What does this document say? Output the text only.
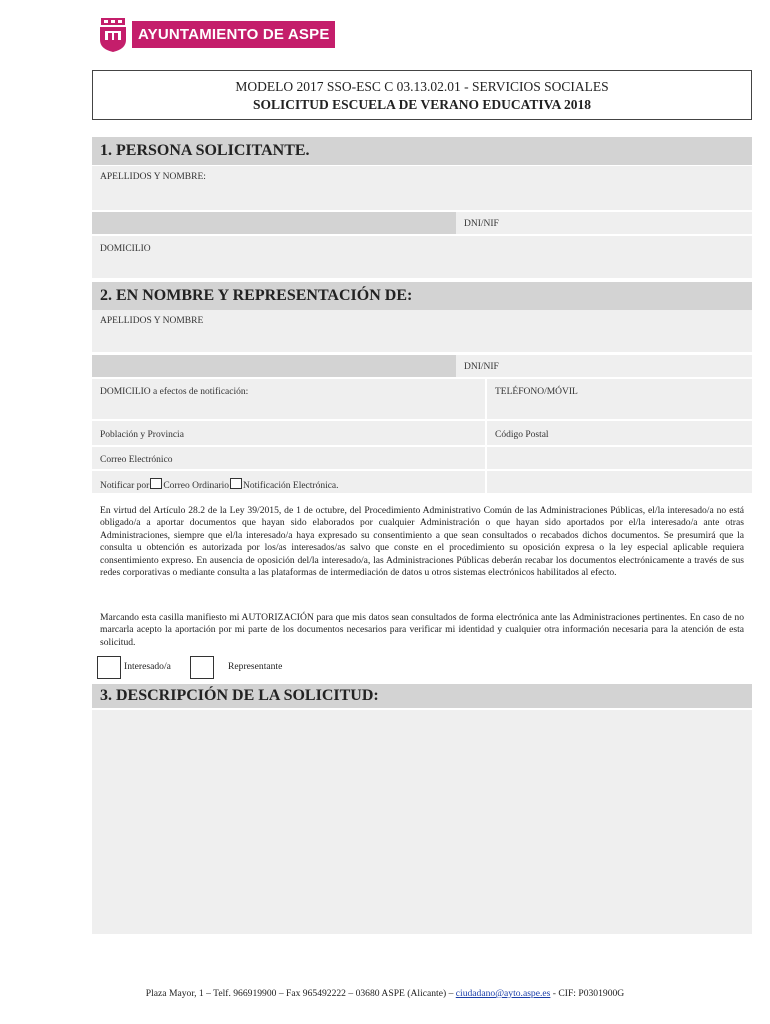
AYUNTAMIENTO DE ASPE
MODELO 2017 SSO-ESC C 03.13.02.01 - SERVICIOS SOCIALES
SOLICITUD ESCUELA DE VERANO EDUCATIVA 2018
1. PERSONA SOLICITANTE.
APELLIDOS Y NOMBRE:
DNI/NIF
DOMICILIO
2. EN NOMBRE Y REPRESENTACIÓN DE:
APELLIDOS Y NOMBRE
DNI/NIF
DOMICILIO a efectos de notificación:	TELÉFONO/MÓVIL
Población y Provincia	Código Postal
Correo Electrónico
Notificar por Correo Ordinario Notificación Electrónica.
En virtud del Artículo 28.2 de la Ley 39/2015, de 1 de octubre, del Procedimiento Administrativo Común de las Administraciones Públicas, el/la interesado/a no está obligado/a a aportar documentos que hayan sido elaborados por cualquier Administración o que hayan sido aportados por el/la interesado/a ante otras Administraciones, siempre que el/la interesado/a haya expresado su consentimiento a que sean consultados o recabados dichos documentos. Se presumirá que la consulta u obtención es autorizada por los/as interesados/as salvo que conste en el procedimiento su oposición expresa o la ley especial aplicable requiera consentimiento expreso. En ausencia de oposición del/la interesado/a, las Administraciones Públicas deberán recabar los documentos electrónicamente a través de sus redes corporativas o mediante consulta a las plataformas de intermediación de datos u otros sistemas electrónicos habilitados al efecto.
Marcando esta casilla manifiesto mi AUTORIZACIÓN para que mis datos sean consultados de forma electrónica ante las Administraciones pertinentes. En caso de no marcarla acepto la aportación por mi parte de los documentos necesarios para verificar mi identidad y cualquier otra información necesaria para la atención de esta solicitud.
Interesado/a	Representante
3. DESCRIPCIÓN DE LA SOLICITUD:
Plaza Mayor, 1 – Telf. 966919900 – Fax 965492222 – 03680 ASPE (Alicante) – ciudadano@ayto.aspe.es - CIF: P0301900G
